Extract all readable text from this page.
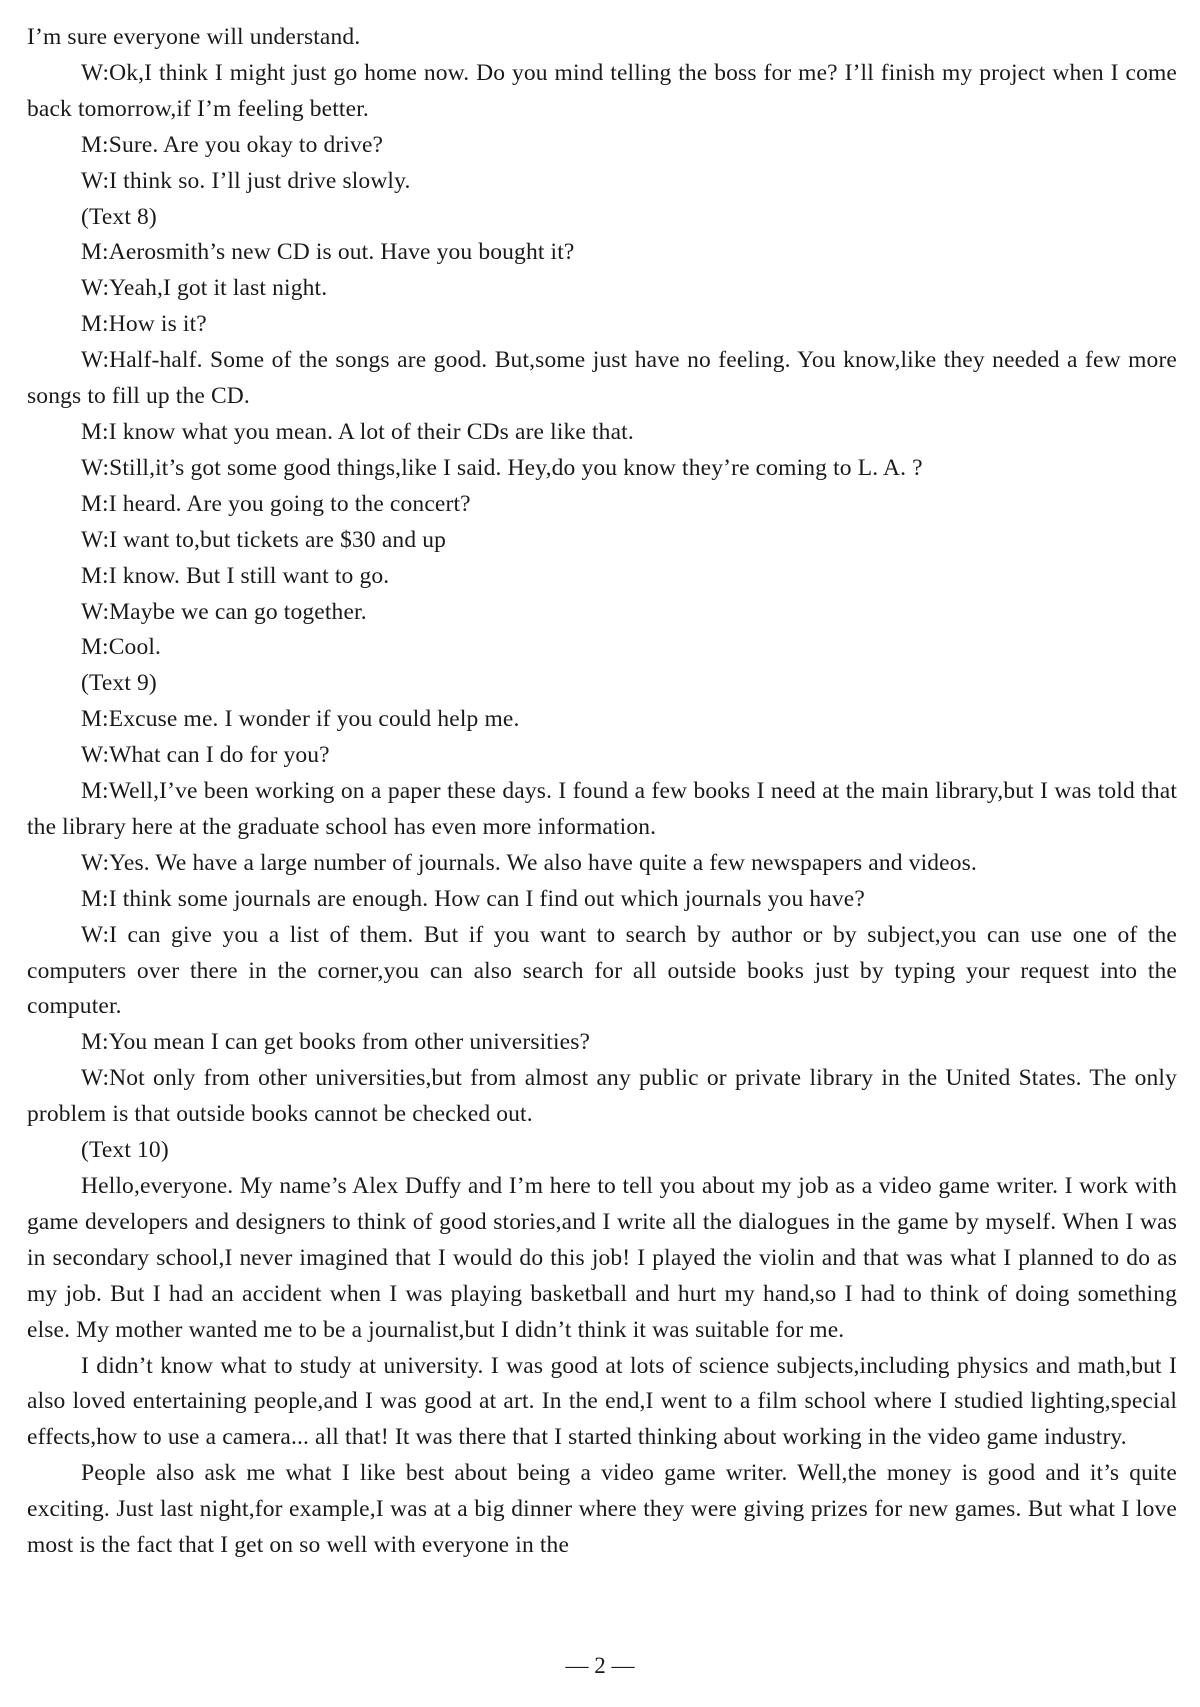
I’m sure everyone will understand.

W:Ok,I think I might just go home now. Do you mind telling the boss for me? I’ll finish my project when I come back tomorrow,if I’m feeling better.

M:Sure. Are you okay to drive?

W:I think so. I’ll just drive slowly.

(Text 8)

M:Aerosmith’s new CD is out. Have you bought it?

W:Yeah,I got it last night.

M:How is it?

W:Half-half. Some of the songs are good. But,some just have no feeling. You know,like they needed a few more songs to fill up the CD.

M:I know what you mean. A lot of their CDs are like that.

W:Still,it’s got some good things,like I said. Hey,do you know they’re coming to L. A. ?

M:I heard. Are you going to the concert?

W:I want to,but tickets are $30 and up

M:I know. But I still want to go.

W:Maybe we can go together.

M:Cool.

(Text 9)

M:Excuse me. I wonder if you could help me.

W:What can I do for you?

M:Well,I’ve been working on a paper these days. I found a few books I need at the main library,but I was told that the library here at the graduate school has even more information.

W:Yes. We have a large number of journals. We also have quite a few newspapers and videos.

M:I think some journals are enough. How can I find out which journals you have?

W:I can give you a list of them. But if you want to search by author or by subject,you can use one of the computers over there in the corner,you can also search for all outside books just by typing your request into the computer.

M:You mean I can get books from other universities?

W:Not only from other universities,but from almost any public or private library in the United States. The only problem is that outside books cannot be checked out.

(Text 10)

Hello,everyone. My name’s Alex Duffy and I’m here to tell you about my job as a video game writer. I work with game developers and designers to think of good stories,and I write all the dialogues in the game by myself. When I was in secondary school,I never imagined that I would do this job! I played the violin and that was what I planned to do as my job. But I had an accident when I was playing basketball and hurt my hand,so I had to think of doing something else. My mother wanted me to be a journalist,but I didn’t think it was suitable for me.

I didn’t know what to study at university. I was good at lots of science subjects,including physics and math,but I also loved entertaining people,and I was good at art. In the end,I went to a film school where I studied lighting,special effects,how to use a camera... all that! It was there that I started thinking about working in the video game industry.

People also ask me what I like best about being a video game writer. Well,the money is good and it’s quite exciting. Just last night,for example,I was at a big dinner where they were giving prizes for new games. But what I love most is the fact that I get on so well with everyone in the

— 2 —
